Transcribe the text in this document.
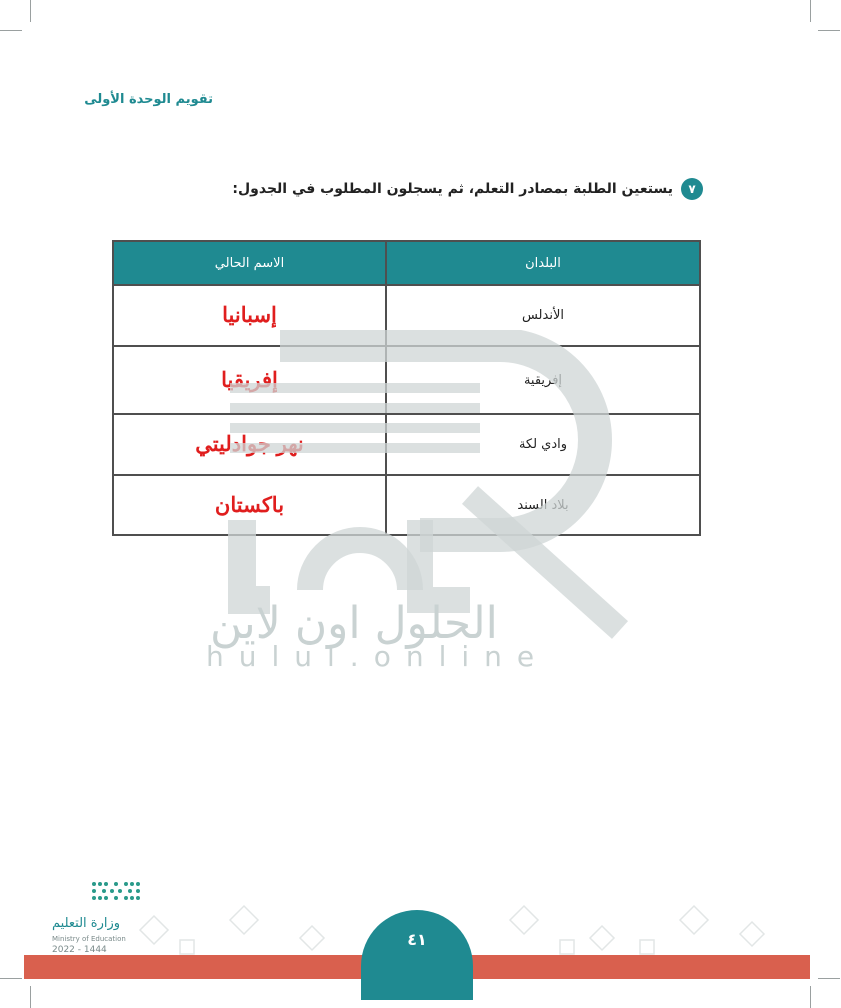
تقويم الوحدة الأولى
٧
يستعين الطلبة بمصادر التعلم، ثم يسجلون المطلوب في الجدول:
البلدان	الاسم الحالي
الأندلس	إسبانيا
إفريقية	إفريقيا
وادي لكة	نهر جوادليتي
بلاد السند	باكستان
الحلول اون لاين
hulul.online
٤١
وزارة التعليم
Ministry of Education
2022 - 1444
